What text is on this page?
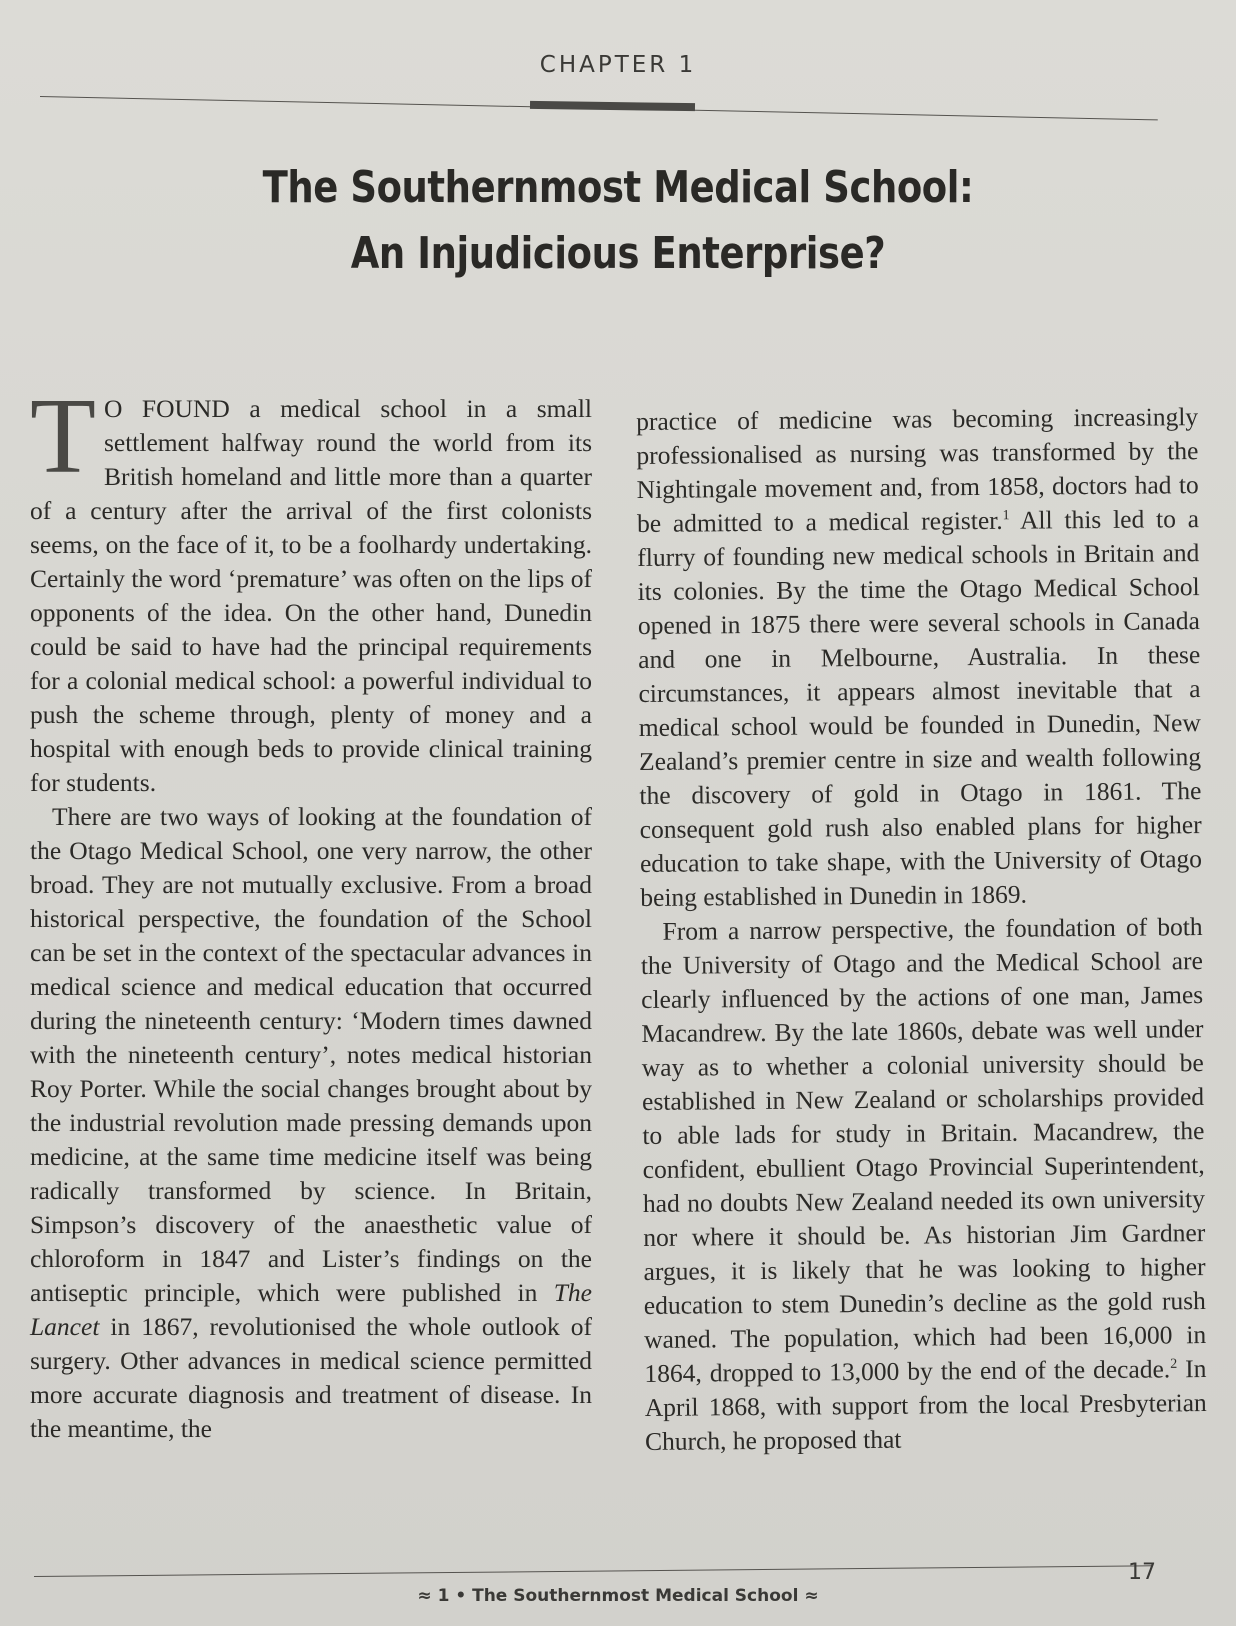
CHAPTER 1
The Southernmost Medical School:
An Injudicious Enterprise?

T O FOUND a medical school in a small settlement halfway round the world from its British homeland and little more than a quarter of a century after the arrival of the first colonists seems, on the face of it, to be a foolhardy undertaking. Certainly the word ‘premature’ was often on the lips of opponents of the idea. On the other hand, Dunedin could be said to have had the principal requirements for a colonial medical school: a powerful individual to push the scheme through, plenty of money and a hospital with enough beds to provide clinical training for students.

There are two ways of looking at the foundation of the Otago Medical School, one very narrow, the other broad. They are not mutually exclusive. From a broad historical perspective, the foundation of the School can be set in the context of the spectacular advances in medical science and medical education that occurred during the nineteenth century: ‘Modern times dawned with the nineteenth century’, notes medical historian Roy Porter. While the social changes brought about by the industrial revolution made pressing demands upon medicine, at the same time medicine itself was being radically transformed by science. In Britain, Simpson’s discovery of the anaesthetic value of chloroform in 1847 and Lister’s findings on the antiseptic principle, which were published in The Lancet in 1867, revolutionised the whole outlook of surgery. Other advances in medical science permitted more accurate diagnosis and treatment of disease. In the meantime, the

practice of medicine was becoming increasingly professionalised as nursing was transformed by the Nightingale movement and, from 1858, doctors had to be admitted to a medical register.$^1$ All this led to a flurry of founding new medical schools in Britain and its colonies. By the time the Otago Medical School opened in 1875 there were several schools in Canada and one in Melbourne, Australia. In these circumstances, it appears almost inevitable that a medical school would be founded in Dunedin, New Zealand’s premier centre in size and wealth following the discovery of gold in Otago in 1861. The consequent gold rush also enabled plans for higher education to take shape, with the University of Otago being established in Dunedin in 1869.

From a narrow perspective, the foundation of both the University of Otago and the Medical School are clearly influenced by the actions of one man, James Macandrew. By the late 1860s, debate was well under way as to whether a colonial university should be established in New Zealand or scholarships provided to able lads for study in Britain. Macandrew, the confident, ebullient Otago Provincial Superintendent, had no doubts New Zealand needed its own university nor where it should be. As historian Jim Gardner argues, it is likely that he was looking to higher education to stem Dunedin’s decline as the gold rush waned. The population, which had been 16,000 in 1864, dropped to 13,000 by the end of the decade.$^2$ In April 1868, with support from the local Presbyterian Church, he proposed that

17
≈ 1 • The Southernmost Medical School ≈
